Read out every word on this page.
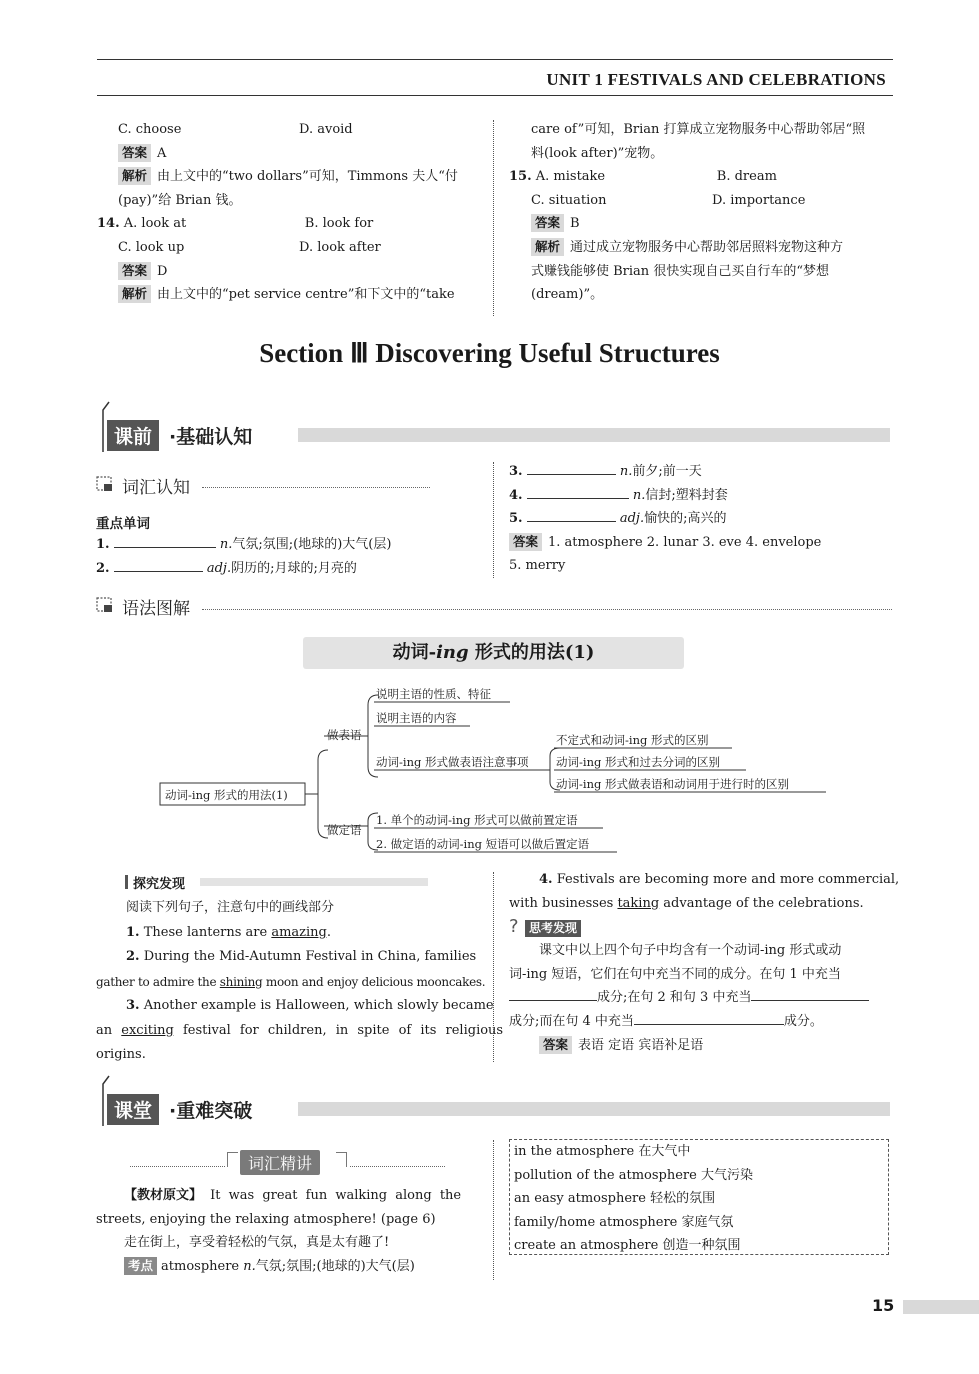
UNIT 1 FESTIVALS AND CELEBRATIONS
C. choose	D. avoid
答案 A
解析 由上文中的“two dollars”可知，Timmons 夫人“付
(pay)”给 Brian 钱。
14. A. look at	B. look for
C. look up	D. look after
答案 D
解析 由上文中的“pet service centre”和下文中的“take
care of”可知，Brian 打算成立宠物服务中心帮助邻居“照
料(look after)”宠物。
15. A. mistake	B. dream
C. situation	D. importance
答案 B
解析 通过成立宠物服务中心帮助邻居照料宠物这种方
式赚钱能够使 Brian 很快实现自己买自行车的“梦想
(dream)”。
Section Ⅲ Discovering Useful Structures
课前 ·基础认知
词汇认知
重点单词
1.	n.气氛;氛围;(地球的)大气(层)
2.	adj.阴历的;月球的;月亮的
3.	n.前夕;前一天
4.	n.信封;塑料封套
5.	adj.愉快的;高兴的
答案 1. atmosphere 2. lunar 3. eve 4. envelope
5. merry
语法图解
动词-ing 形式的用法(1)
动词-ing 形式的用法(1)
做表语
做定语
说明主语的性质、特征
说明主语的内容
动词-ing 形式做表语注意事项
不定式和动词-ing 形式的区别
动词-ing 形式和过去分词的区别
动词-ing 形式做表语和动词用于进行时的区别
1. 单个的动词-ing 形式可以做前置定语
2. 做定语的动词-ing 短语可以做后置定语
探究发现
阅读下列句子，注意句中的画线部分
1. These lanterns are amazing.
2. During the Mid-Autumn Festival in China, families
gather to admire the shining moon and enjoy delicious mooncakes.
3. Another example is Halloween, which slowly became
an exciting festival for children, in spite of its religious
origins.
4. Festivals are becoming more and more commercial,
with businesses taking advantage of the celebrations.
? 思考发现
课文中以上四个句子中均含有一个动词-ing 形式或动
词-ing 短语，它们在句中充当不同的成分。在句 1 中充当
成分;在句 2 和句 3 中充当
成分;而在句 4 中充当	成分。
答案 表语 定语 宾语补足语
课堂 ·重难突破
词汇精讲
【教材原文】 It was great fun walking along the
streets, enjoying the relaxing atmosphere! (page 6)
走在街上，享受着轻松的气氛，真是太有趣了!
考点 atmosphere n.气氛;氛围;(地球的)大气(层)
in the atmosphere 在大气中
pollution of the atmosphere 大气污染
an easy atmosphere 轻松的氛围
family/home atmosphere 家庭气氛
create an atmosphere 创造一种氛围
15
